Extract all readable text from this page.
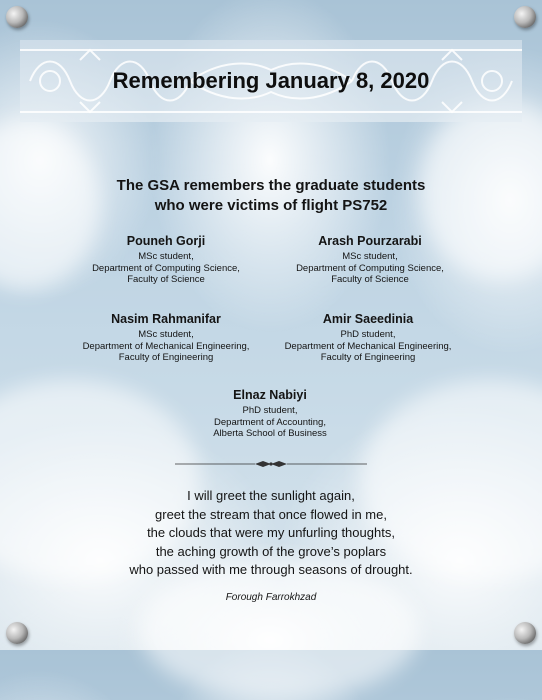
Remembering January 8, 2020
The GSA remembers the graduate students
who were victims of flight PS752
Pouneh Gorji
MSc student,
Department of Computing Science,
Faculty of Science
Arash Pourzarabi
MSc student,
Department of Computing Science,
Faculty of Science
Nasim Rahmanifar
MSc student,
Department of Mechanical Engineering,
Faculty of Engineering
Amir Saeedinia
PhD student,
Department of Mechanical Engineering,
Faculty of Engineering
Elnaz Nabiyi
PhD student,
Department of Accounting,
Alberta School of Business
I will greet the sunlight again,
greet the stream that once flowed in me,
the clouds that were my unfurling thoughts,
the aching growth of the grove’s poplars
who passed with me through seasons of drought.
Forough Farrokhzad
